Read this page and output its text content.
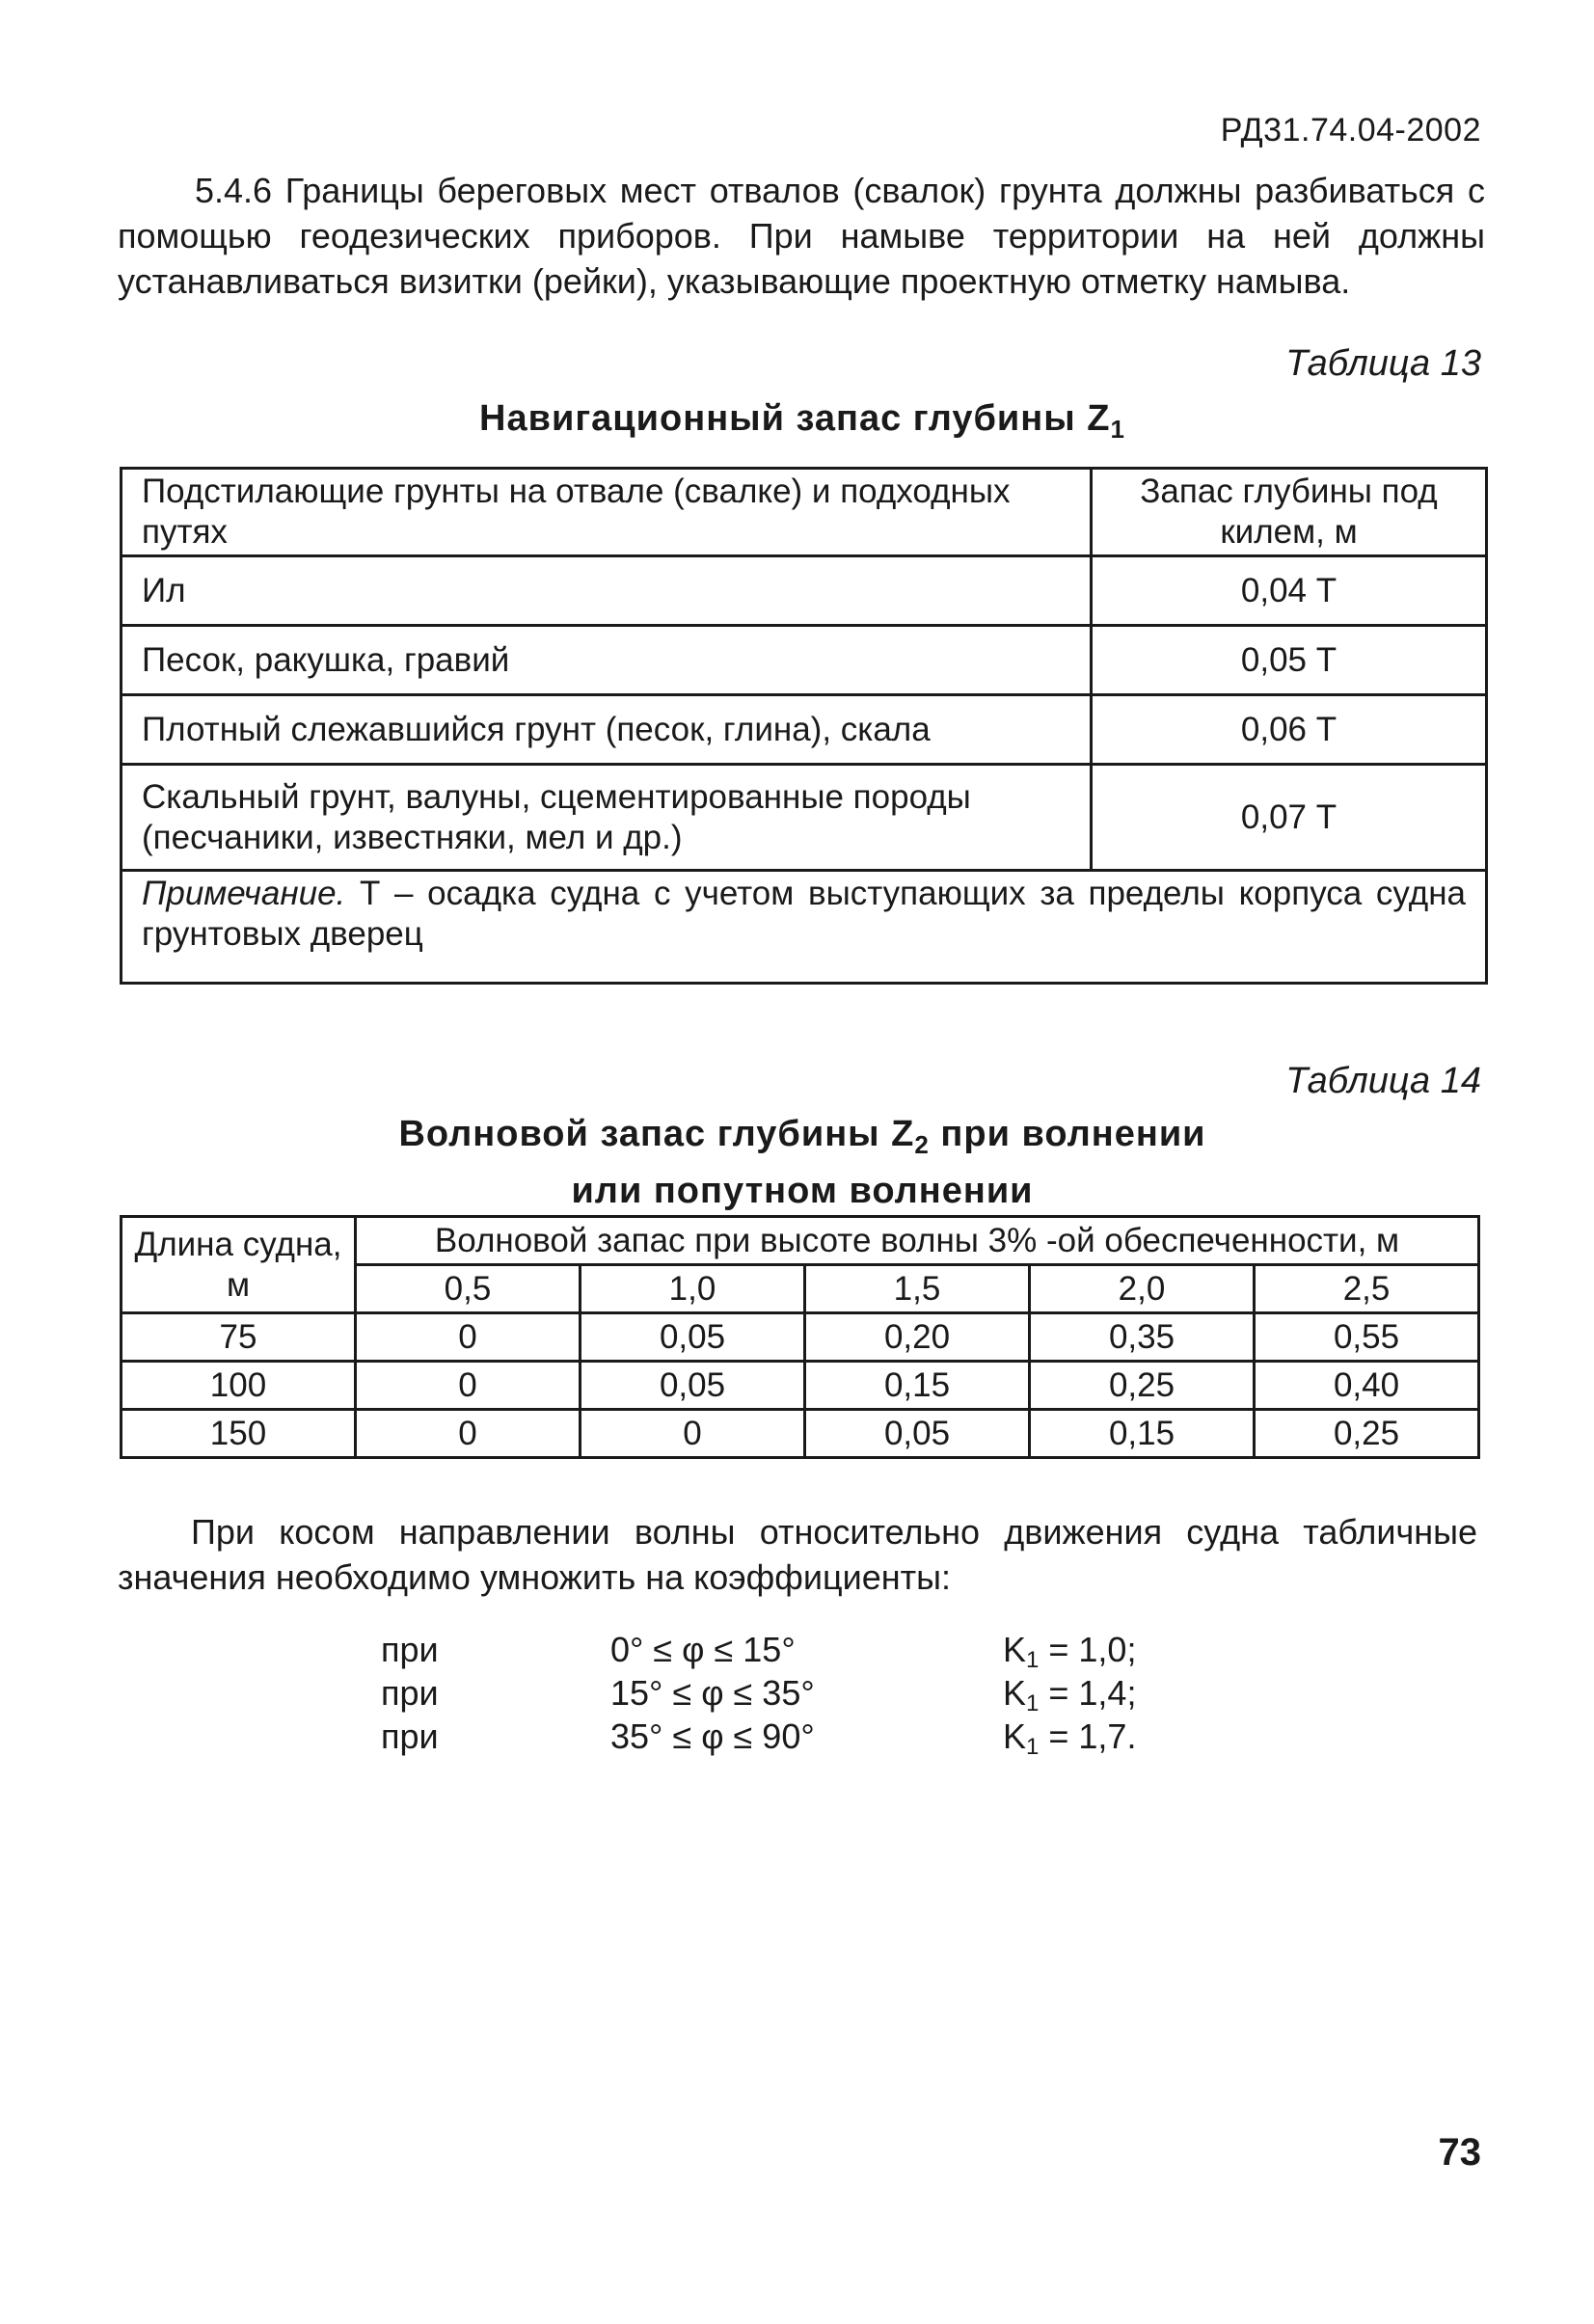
РД31.74.04-2002

5.4.6 Границы береговых мест отвалов (свалок) грунта должны разбиваться с помощью геодезических приборов. При намыве территории на ней должны устанавливаться визитки (рейки), указывающие проектную отметку намыва.

Таблица 13
Навигационный запас глубины $Z_1$
Подстилающие грунты на отвале (свалке) и подходных путях	Запас глубины под килем, м
Ил	0,04 Т
Песок, ракушка, гравий	0,05 Т
Плотный слежавшийся грунт (песок, глина), скала	0,06 Т
Скальный грунт, валуны, сцементированные породы (песчаники, известняки, мел и др.)	0,07 Т
Примечание. Т – осадка судна с учетом выступающих за пределы корпуса судна грунтовых дверец	
Таблица 14
Волновой запас глубины $Z_2$ при волнении
или попутном волнении
Длина судна, м	Волновой запас при высоте волны 3% -ой обеспеченности, м				
	0,5	1,0	1,5	2,0	2,5
75	0	0,05	0,20	0,35	0,55
100	0	0,05	0,15	0,25	0,40
150	0	0	0,05	0,15	0,25

При косом направлении волны относительно движения судна табличные значения необходимо умножить на коэффициенты:

при	0° ≤ φ ≤ 15°	$K_1 = 1,0$;
при	15° ≤ φ ≤ 35°	$K_1 = 1,4$;
при	35° ≤ φ ≤ 90°	$K_1 = 1,7$.
73
